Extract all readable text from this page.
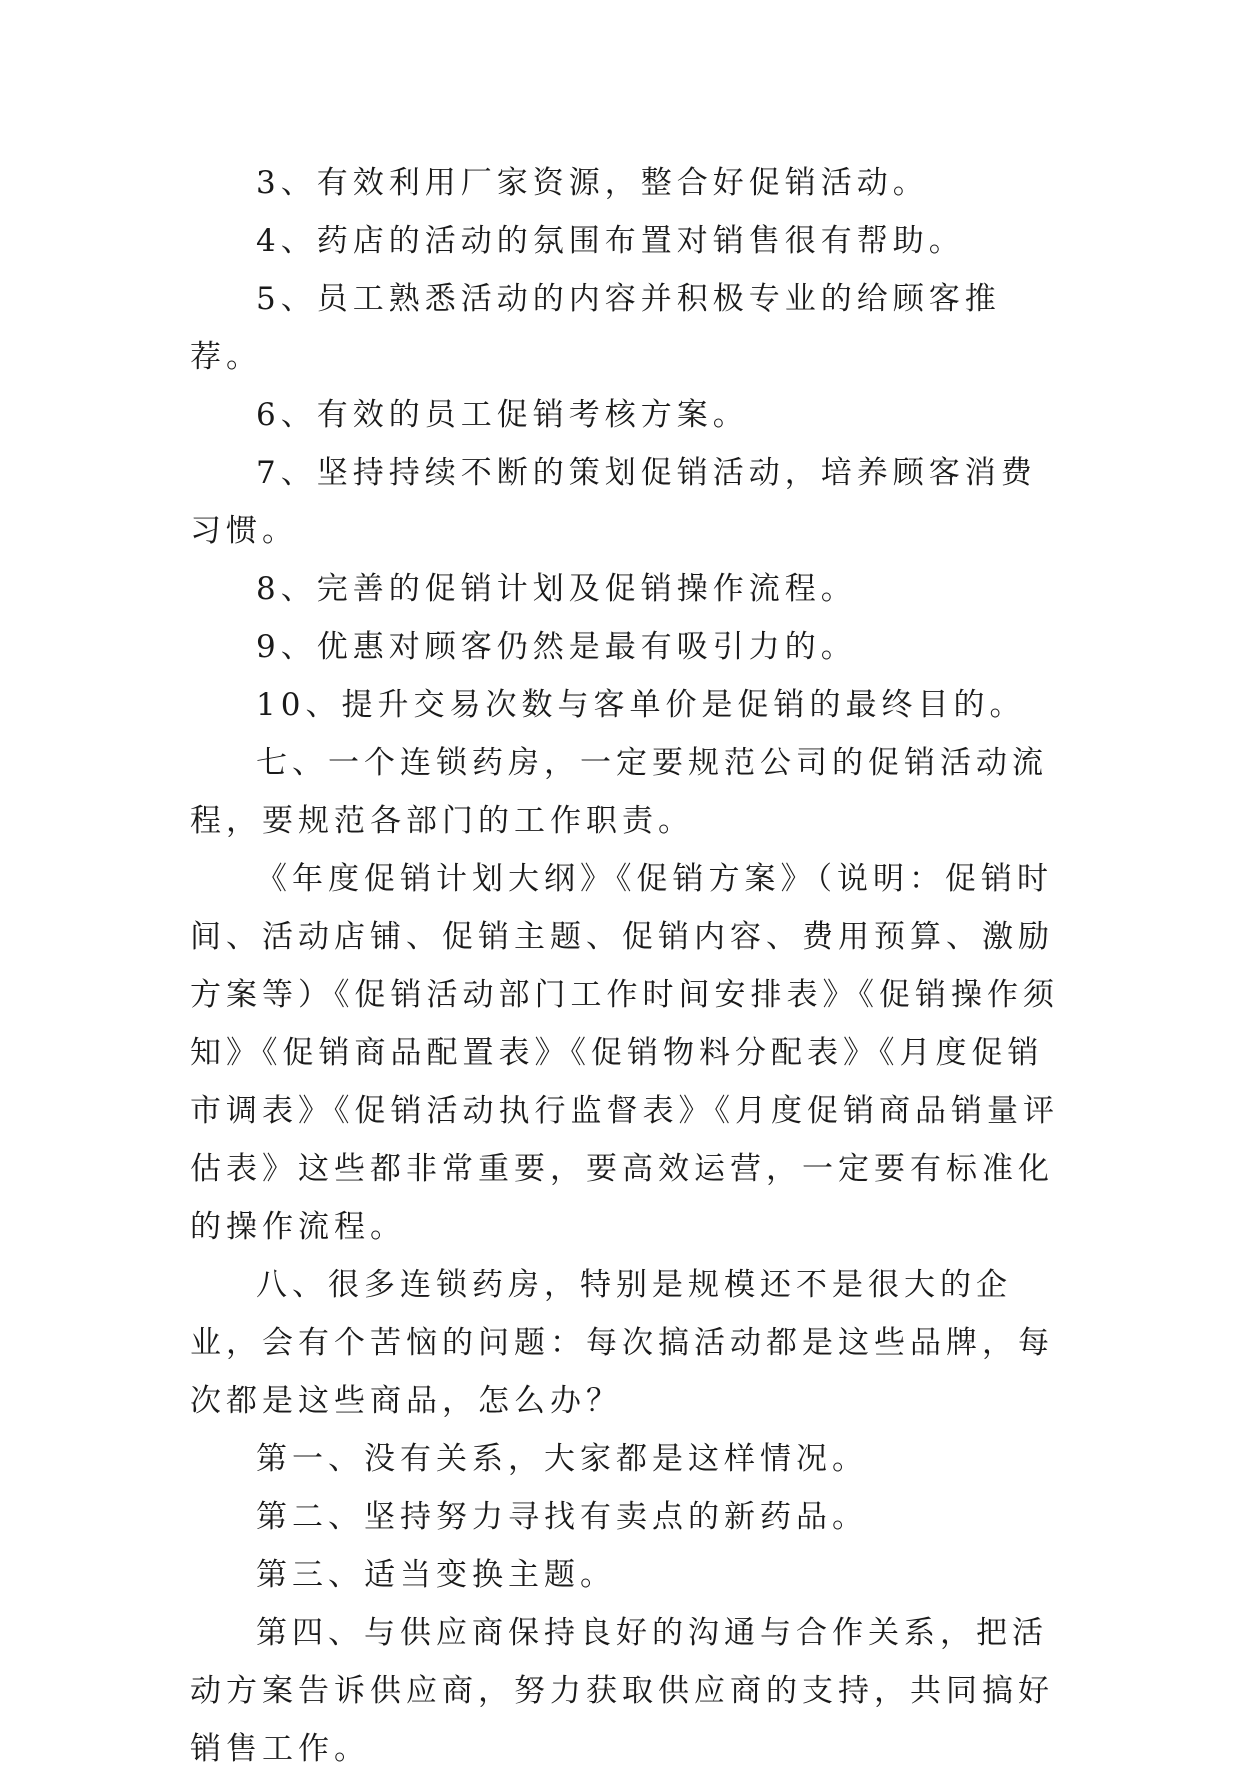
3、有效利用厂家资源，整合好促销活动。

4、药店的活动的氛围布置对销售很有帮助。

5、员工熟悉活动的内容并积极专业的给顾客推荐。

6、有效的员工促销考核方案。

7、坚持持续不断的策划促销活动，培养顾客消费习惯。

8、完善的促销计划及促销操作流程。

9、优惠对顾客仍然是最有吸引力的。

10、提升交易次数与客单价是促销的最终目的。

七、一个连锁药房，一定要规范公司的促销活动流程，要规范各部门的工作职责。

《年度促销计划大纲》《促销方案》（说明：促销时间、活动店铺、促销主题、促销内容、费用预算、激励方案等）《促销活动部门工作时间安排表》《促销操作须知》《促销商品配置表》《促销物料分配表》《月度促销市调表》《促销活动执行监督表》《月度促销商品销量评估表》这些都非常重要，要高效运营，一定要有标准化的操作流程。

八、很多连锁药房，特别是规模还不是很大的企业，会有个苦恼的问题：每次搞活动都是这些品牌，每次都是这些商品，怎么办？

第一、没有关系，大家都是这样情况。

第二、坚持努力寻找有卖点的新药品。

第三、适当变换主题。

第四、与供应商保持良好的沟通与合作关系，把活动方案告诉供应商，努力获取供应商的支持，共同搞好销售工作。
